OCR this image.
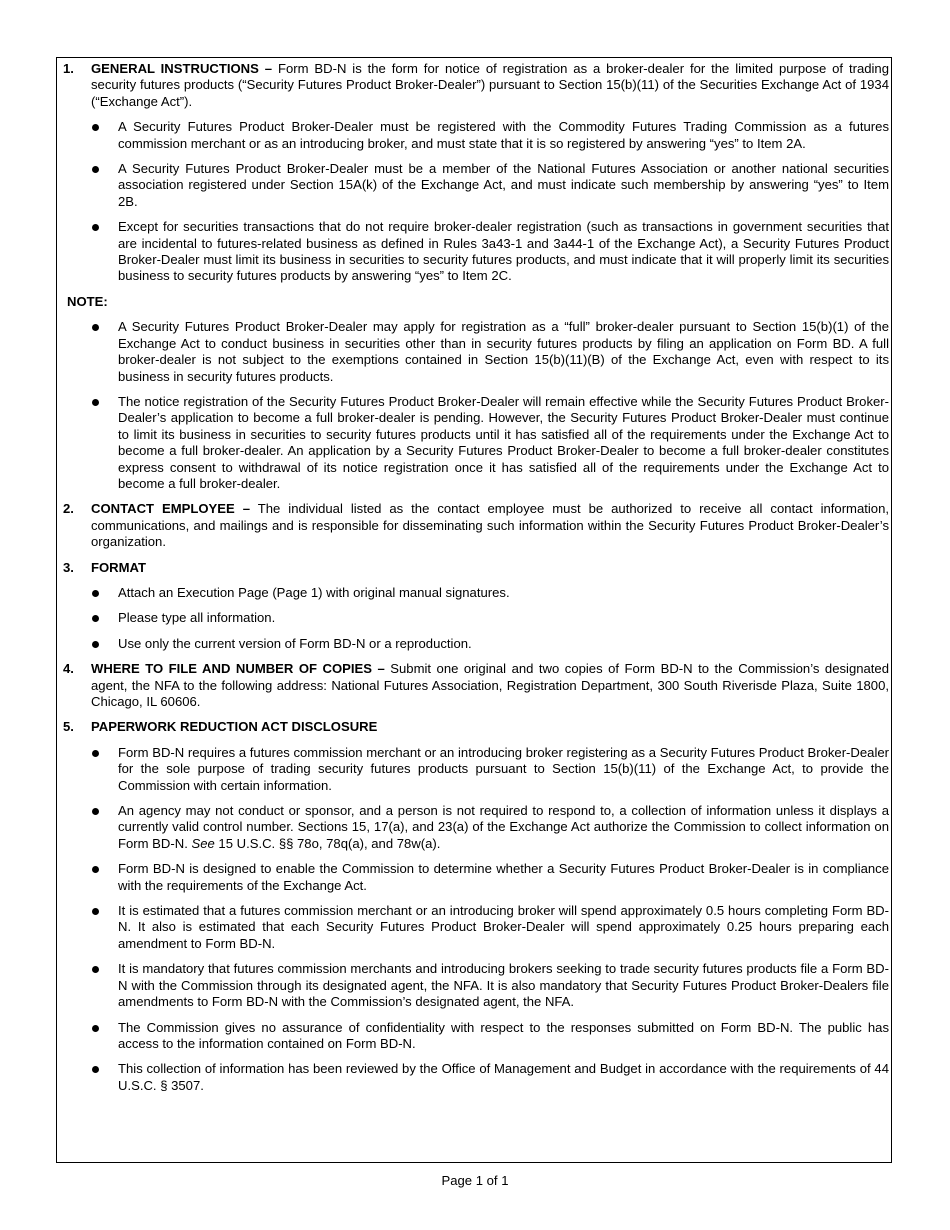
1. GENERAL INSTRUCTIONS – Form BD-N is the form for notice of registration as a broker-dealer for the limited purpose of trading security futures products (“Security Futures Product Broker-Dealer”) pursuant to Section 15(b)(11) of the Securities Exchange Act of 1934 (“Exchange Act”).
A Security Futures Product Broker-Dealer must be registered with the Commodity Futures Trading Commission as a futures commission merchant or as an introducing broker, and must state that it is so registered by answering “yes” to Item 2A.
A Security Futures Product Broker-Dealer must be a member of the National Futures Association or another national securities association registered under Section 15A(k) of the Exchange Act, and must indicate such membership by answering “yes” to Item 2B.
Except for securities transactions that do not require broker-dealer registration (such as transactions in government securities that are incidental to futures-related business as defined in Rules 3a43-1 and 3a44-1 of the Exchange Act), a Security Futures Product Broker-Dealer must limit its business in securities to security futures products, and must indicate that it will properly limit its securities business to security futures products by answering “yes” to Item 2C.
NOTE:
A Security Futures Product Broker-Dealer may apply for registration as a “full” broker-dealer pursuant to Section 15(b)(1) of the Exchange Act to conduct business in securities other than in security futures products by filing an application on Form BD. A full broker-dealer is not subject to the exemptions contained in Section 15(b)(11)(B) of the Exchange Act, even with respect to its business in security futures products.
The notice registration of the Security Futures Product Broker-Dealer will remain effective while the Security Futures Product Broker-Dealer’s application to become a full broker-dealer is pending. However, the Security Futures Product Broker-Dealer must continue to limit its business in securities to security futures products until it has satisfied all of the requirements under the Exchange Act to become a full broker-dealer. An application by a Security Futures Product Broker-Dealer to become a full broker-dealer constitutes express consent to withdrawal of its notice registration once it has satisfied all of the requirements under the Exchange Act to become a full broker-dealer.
2. CONTACT EMPLOYEE – The individual listed as the contact employee must be authorized to receive all contact information, communications, and mailings and is responsible for disseminating such information within the Security Futures Product Broker-Dealer’s organization.
3. FORMAT
Attach an Execution Page (Page 1) with original manual signatures.
Please type all information.
Use only the current version of Form BD-N or a reproduction.
4. WHERE TO FILE AND NUMBER OF COPIES – Submit one original and two copies of Form BD-N to the Commission’s designated agent, the NFA to the following address: National Futures Association, Registration Department, 300 South Riverisde Plaza, Suite 1800, Chicago, IL 60606.
5. PAPERWORK REDUCTION ACT DISCLOSURE
Form BD-N requires a futures commission merchant or an introducing broker registering as a Security Futures Product Broker-Dealer for the sole purpose of trading security futures products pursuant to Section 15(b)(11) of the Exchange Act, to provide the Commission with certain information.
An agency may not conduct or sponsor, and a person is not required to respond to, a collection of information unless it displays a currently valid control number. Sections 15, 17(a), and 23(a) of the Exchange Act authorize the Commission to collect information on Form BD-N. See 15 U.S.C. §§ 78o, 78q(a), and 78w(a).
Form BD-N is designed to enable the Commission to determine whether a Security Futures Product Broker-Dealer is in compliance with the requirements of the Exchange Act.
It is estimated that a futures commission merchant or an introducing broker will spend approximately 0.5 hours completing Form BD-N. It also is estimated that each Security Futures Product Broker-Dealer will spend approximately 0.25 hours preparing each amendment to Form BD-N.
It is mandatory that futures commission merchants and introducing brokers seeking to trade security futures products file a Form BD-N with the Commission through its designated agent, the NFA. It is also mandatory that Security Futures Product Broker-Dealers file amendments to Form BD-N with the Commission’s designated agent, the NFA.
The Commission gives no assurance of confidentiality with respect to the responses submitted on Form BD-N. The public has access to the information contained on Form BD-N.
This collection of information has been reviewed by the Office of Management and Budget in accordance with the requirements of 44 U.S.C. § 3507.
Page 1 of 1
